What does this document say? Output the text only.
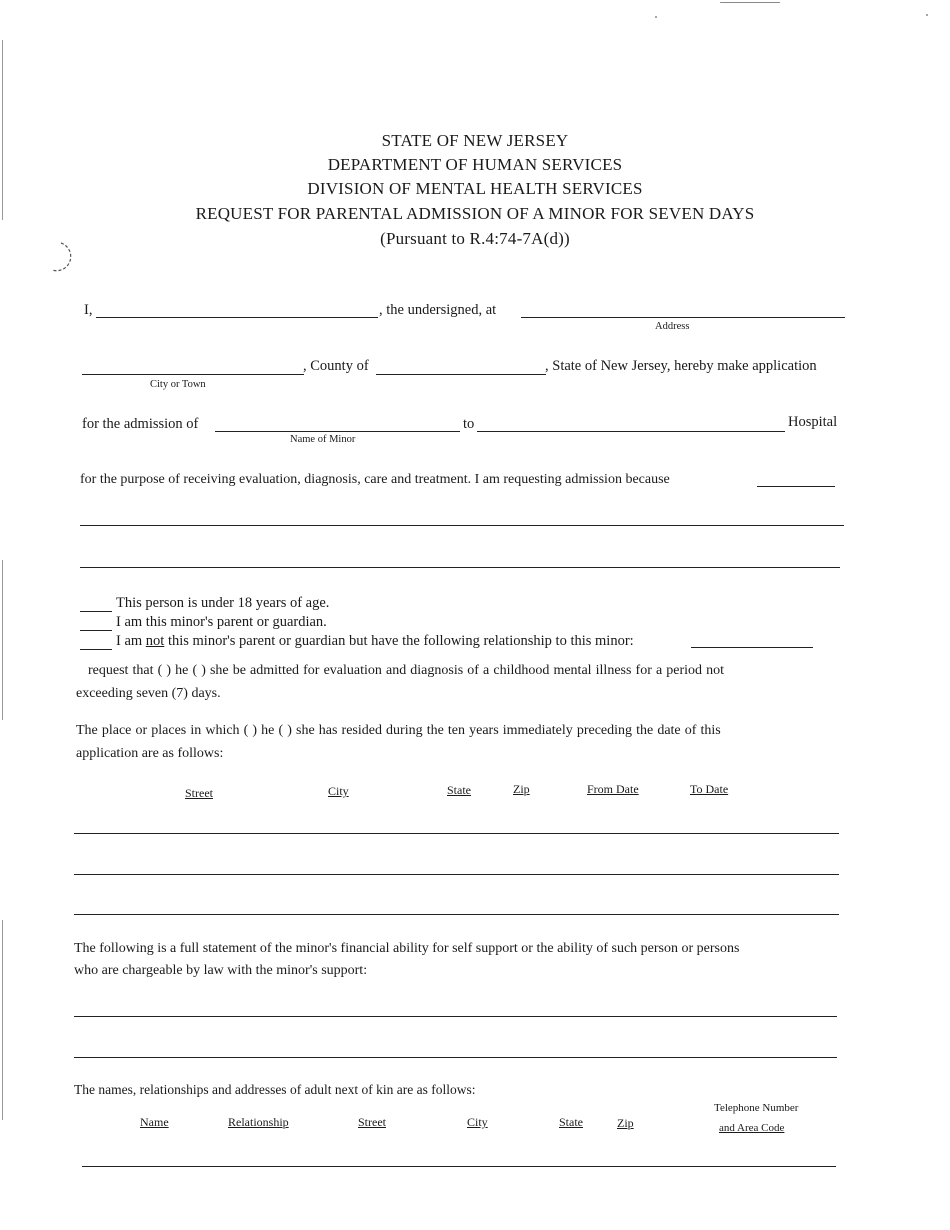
STATE OF NEW JERSEY
DEPARTMENT OF HUMAN SERVICES
DIVISION OF MENTAL HEALTH SERVICES
REQUEST FOR PARENTAL ADMISSION OF A MINOR FOR SEVEN DAYS
(Pursuant to R.4:74-7A(d))
I,	, the undersigned, at
Address
, County of	, State of New Jersey, hereby make application
City or Town
for the admission of	to	Hospital
Name of Minor
for the purpose of receiving evaluation, diagnosis, care and treatment. I am requesting admission because
This person is under 18 years of age.
I am this minor's parent or guardian.
I am not this minor's parent or guardian but have the following relationship to this minor:
request that ( ) he ( ) she be admitted for evaluation and diagnosis of a childhood mental illness for a period not
exceeding seven (7) days.
The place or places in which ( ) he ( ) she has resided during the ten years immediately preceding the date of this
application are as follows:
Street	City	State	Zip	From Date	To Date
The following is a full statement of the minor's financial ability for self support or the ability of such person or persons
who are chargeable by law with the minor's support:
The names, relationships and addresses of adult next of kin are as follows:
Name	Relationship	Street	City	State	Zip
Telephone Number
and Area Code
